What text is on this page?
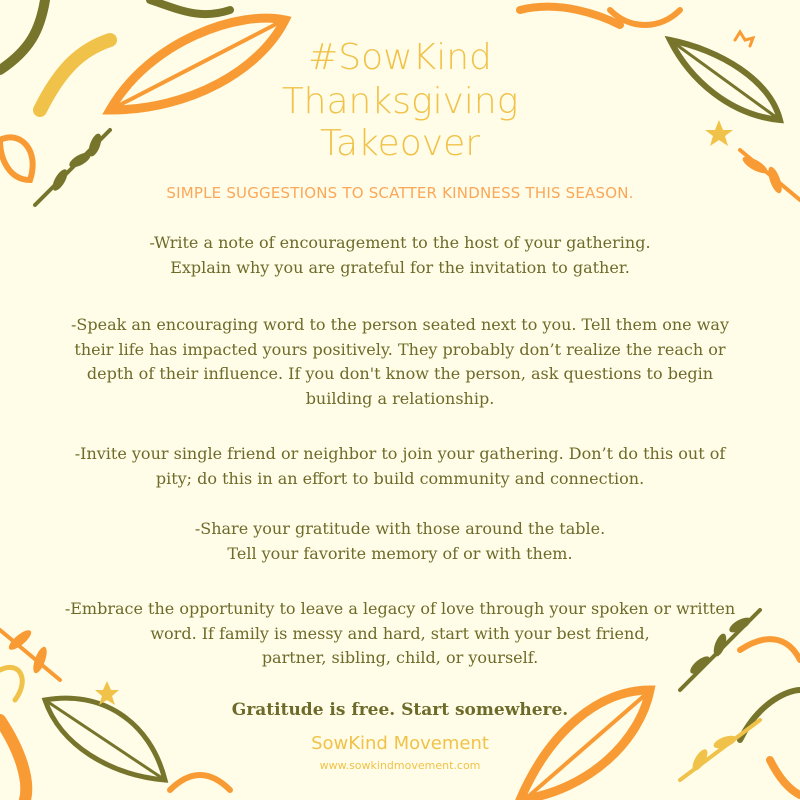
#SowKind
Thanksgiving
Takeover
SIMPLE SUGGESTIONS TO SCATTER KINDNESS THIS SEASON.
-Write a note of encouragement to the host of your gathering.
Explain why you are grateful for the invitation to gather.
-Speak an encouraging word to the person seated next to you. Tell them one way
their life has impacted yours positively. They probably don’t realize the reach or
depth of their influence. If you don't know the person, ask questions to begin
building a relationship.
-Invite your single friend or neighbor to join your gathering. Don’t do this out of
pity; do this in an effort to build community and connection.
-Share your gratitude with those around the table.
Tell your favorite memory of or with them.
-Embrace the opportunity to leave a legacy of love through your spoken or written
word. If family is messy and hard, start with your best friend,
partner, sibling, child, or yourself.
Gratitude is free. Start somewhere.
SowKind Movement
www.sowkindmovement.com
